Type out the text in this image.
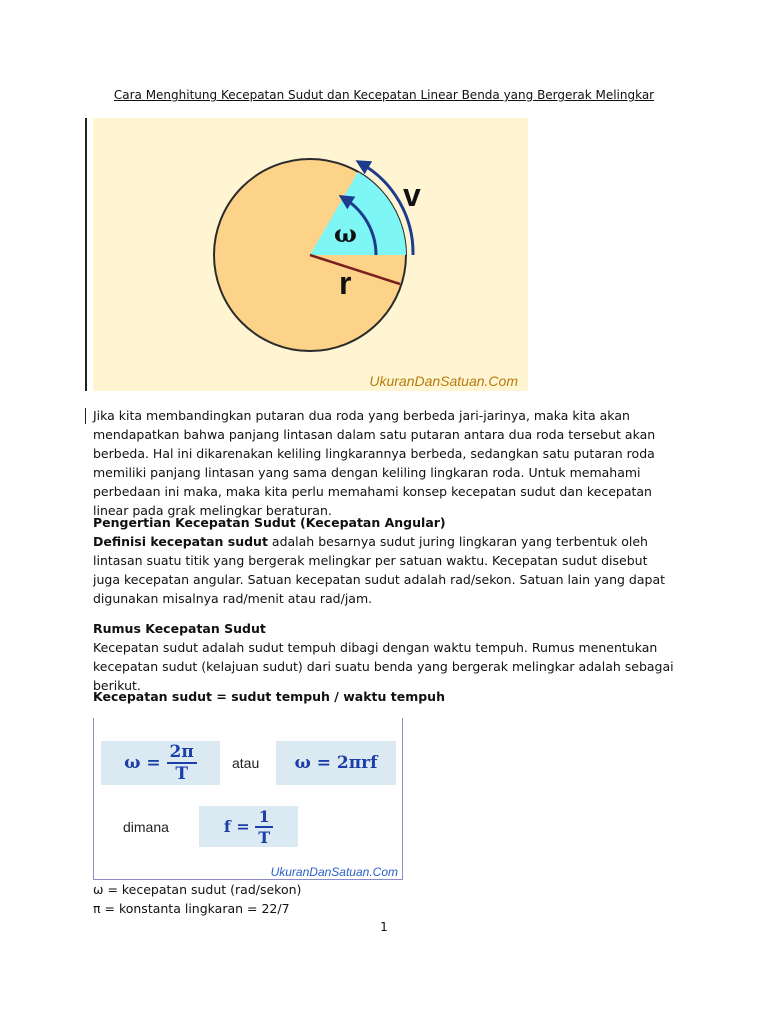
Cara Menghitung Kecepatan Sudut dan Kecepatan Linear Benda yang Bergerak Melingkar
v
ω
r
UkuranDanSatuan.Com

Jika kita membandingkan putaran dua roda yang berbeda jari-jarinya, maka kita akan mendapatkan bahwa panjang lintasan dalam satu putaran antara dua roda tersebut akan berbeda. Hal ini dikarenakan keliling lingkarannya berbeda, sedangkan satu putaran roda memiliki panjang lintasan yang sama dengan keliling lingkaran roda. Untuk memahami perbedaan ini maka, maka kita perlu memahami konsep kecepatan sudut dan kecepatan linear pada grak melingkar beraturan.

Pengertian Kecepatan Sudut (Kecepatan Angular)

Definisi kecepatan sudut adalah besarnya sudut juring lingkaran yang terbentuk oleh lintasan suatu titik yang bergerak melingkar per satuan waktu. Kecepatan sudut disebut juga kecepatan angular. Satuan kecepatan sudut adalah rad/sekon. Satuan lain yang dapat digunakan misalnya rad/menit atau rad/jam.

Rumus Kecepatan Sudut

Kecepatan sudut adalah sudut tempuh dibagi dengan waktu tempuh. Rumus menentukan kecepatan sudut (kelajuan sudut) dari suatu benda yang bergerak melingkar adalah sebagai berikut.

Kecepatan sudut = sudut tempuh / waktu tempuh
ω =
$\frac{2\pi}{T}$	atau	ω = 2πrf
dimana	f =
$\frac{1}{T}$
UkuranDanSatuan.Com
ω = kecepatan sudut (rad/sekon)
π = konstanta lingkaran = 22/7
1
